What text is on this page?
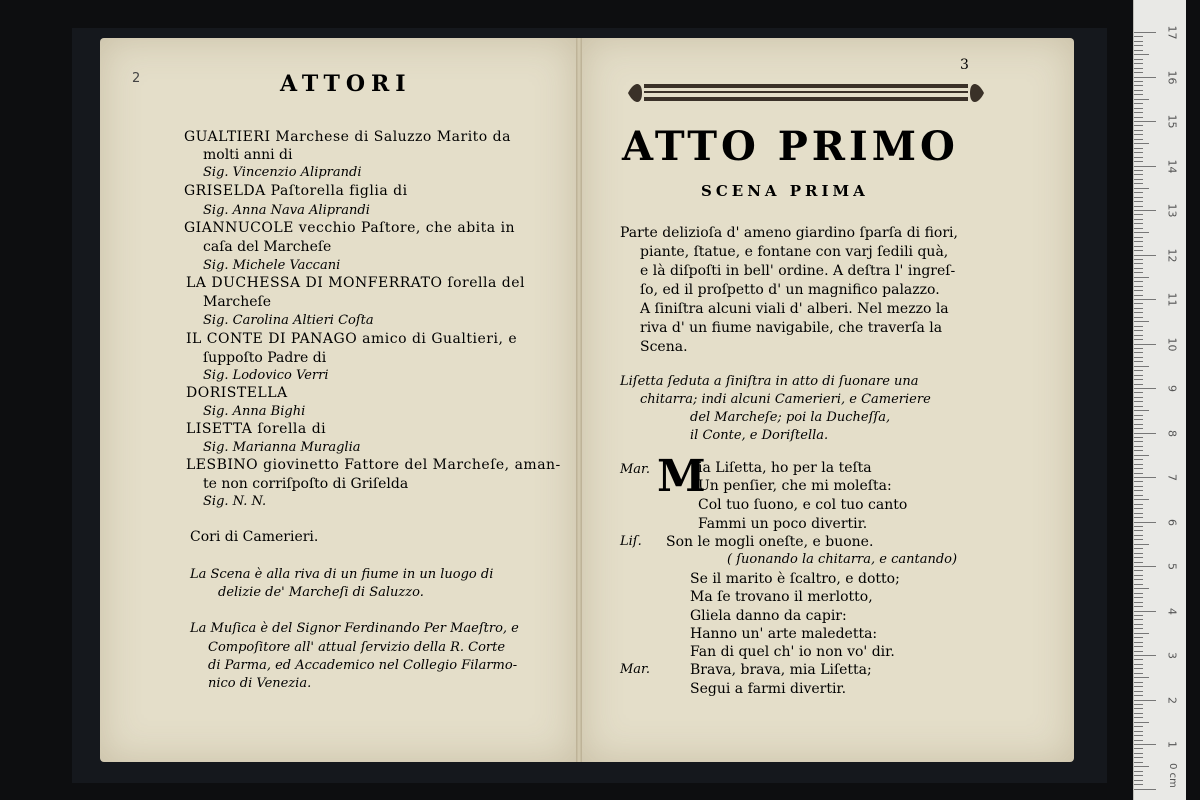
2	ATTORI
GUALTIERI Marchese di Saluzzo Marito da
molti anni di
Sig. Vincenzio Aliprandi
GRISELDA Paſtorella figlia di
Sig. Anna Nava Aliprandi
GIANNUCOLE vecchio Paſtore, che abita in
caſa del Marcheſe
Sig. Michele Vaccani
LA DUCHESSA DI MONFERRATO ſorella del
Marcheſe
Sig. Carolina Altieri Coſta
IL CONTE DI PANAGO amico di Gualtieri, e
ſuppoſto Padre di
Sig. Lodovico Verri
DORISTELLA
Sig. Anna Bighi
LISETTA ſorella di
Sig. Marianna Muraglia
LESBINO giovinetto Fattore del Marcheſe, aman-
te non corriſpoſto di Griſelda
Sig. N. N.
Cori di Camerieri.
La Scena è alla riva di un fiume in un luogo di
delizie de' Marcheſi di Saluzzo.
La Muſica è del Signor Ferdinando Per Maeſtro, e
Compoſitore all' attual ſervizio della R. Corte
di Parma, ed Accademico nel Collegio Filarmo-
nico di Venezia.
3
ATTO PRIMO
SCENA PRIMA
Parte delizioſa d' ameno giardino ſparſa di fiori,
piante, ſtatue, e fontane con varj ſedili quà,
e là diſpoſti in bell' ordine. A deſtra l' ingreſ-
ſo, ed il proſpetto d' un magnifico palazzo.
A ſiniſtra alcuni viali d' alberi. Nel mezzo la
riva d' un fiume navigabile, che traverſa la
Scena.
Liſetta ſeduta a ſiniſtra in atto di ſuonare una
chitarra; indi alcuni Camerieri, e Cameriere
del Marcheſe; poi la Ducheſſa,
il Conte, e Doriſtella.
Mar. M
ia Liſetta, ho per la teſta
Un penſier, che mi moleſta:
Col tuo ſuono, e col tuo canto
Fammi un poco divertir.
Liſ. Son le mogli oneſte, e buone.
( ſuonando la chitarra, e cantando)
Se il marito è ſcaltro, e dotto;
Ma ſe trovano il merlotto,
Gliela danno da capir:
Hanno un' arte maledetta:
Fan di quel ch' io non vo' dir.
Mar.	Brava, brava, mia Liſetta;
Segui a farmi divertir.
17
16
15
14
13
12
11
10
9
8
7
6
5
4
3
2
1
0 cm
